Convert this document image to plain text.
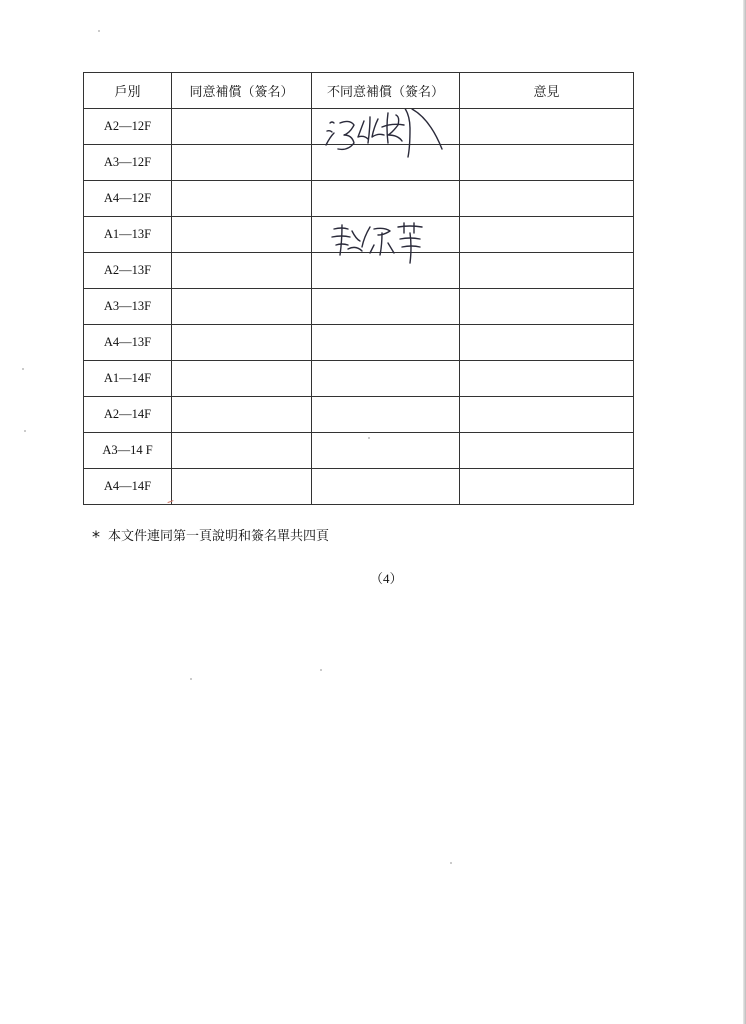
戶別	同意補償（簽名）	不同意補償（簽名）	意見
A2—12F		

A3—12F			
A4—12F			
A1—13F		

A2—13F			
A3—13F			
A4—13F			
A1—14F			
A2—14F			
A3—14 F			
A4—14F			
* 本文件連同第一頁說明和簽名單共四頁
（4）
